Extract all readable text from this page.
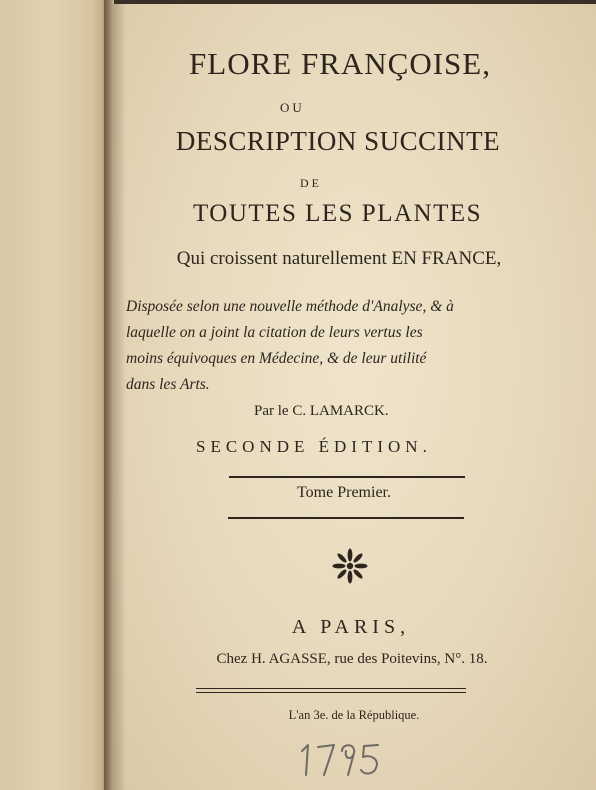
FLORE FRANÇOISE,
OU
DESCRIPTION SUCCINTE
DE
TOUTES LES PLANTES
Qui croissent naturellement EN FRANCE,
Disposée selon une nouvelle méthode d'Analyse, & à
laquelle on a joint la citation de leurs vertus les
moins équivoques en Médecine, & de leur utilité
dans les Arts.
Par le C. LAMARCK.
SECONDE ÉDITION.
Tome Premier.
A PARIS,
Chez H. AGASSE, rue des Poitevins, N°. 18.
L'an 3e. de la République.
